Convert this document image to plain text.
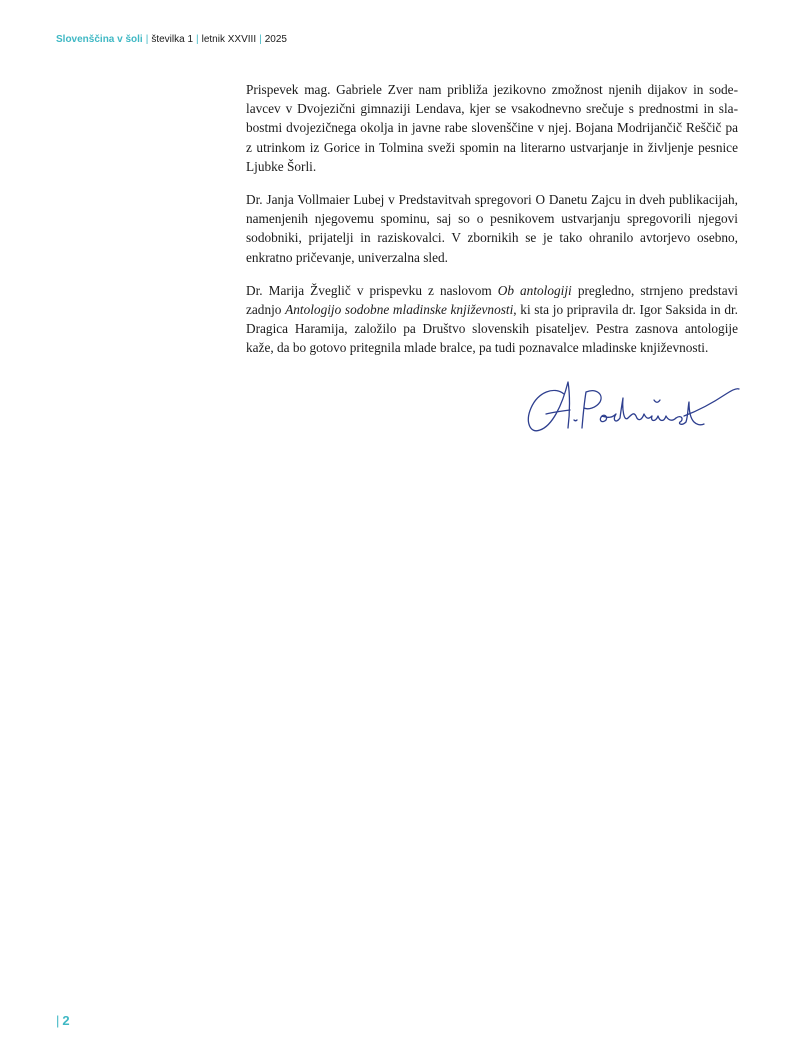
Slovenščina v šoli | številka 1 | letnik XXVIII | 2025

Prispevek mag. Gabriele Zver nam približa jezikovno zmožnost njenih dijakov in sodelavcev v Dvojezični gimnaziji Lendava, kjer se vsakodnevno srečuje s prednostmi in slabostmi dvojezičnega okolja in javne rabe slovenščine v njej. Bojana Modrijančič Reščič pa z utrinkom iz Gorice in Tolmina sveži spomin na literarno ustvarjanje in življenje pesnice Ljubke Šorli.

Dr. Janja Vollmaier Lubej v Predstavitvah spregovori O Danetu Zajcu in dveh publikacijah, namenjenih njegovemu spominu, saj so o pesnikovem ustvarjanju spregovorili njegovi sodobniki, prijatelji in raziskovalci. V zbornikih se je tako ohranilo avtorjevo osebno, enkratno pričevanje, univerzalna sled.

Dr. Marija Žveglič v prispevku z naslovom Ob antologiji pregledno, strnjeno predstavi zadnjo Antologijo sodobne mladinske književnosti, ki sta jo pripravila dr. Igor Saksida in dr. Dragica Haramija, založilo pa Društvo slovenskih pisateljev. Pestra zasnova antologije kaže, da bo gotovo pritegnila mlade bralce, pa tudi poznavalce mladinske književnosti.

| 2
